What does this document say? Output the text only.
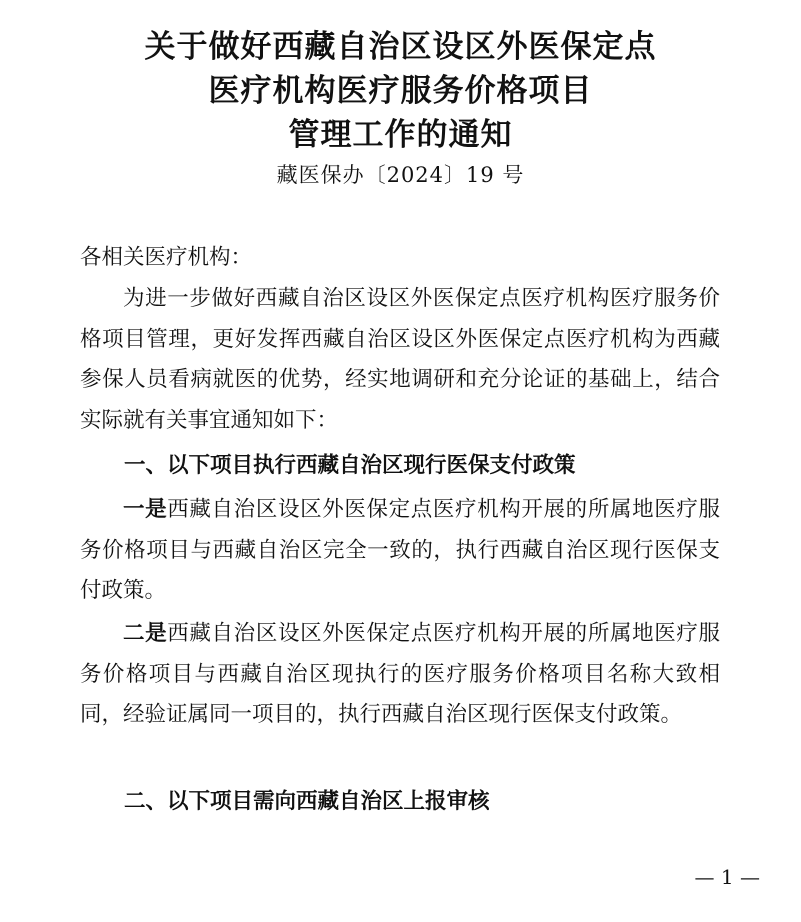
关于做好西藏自治区设区外医保定点
医疗机构医疗服务价格项目
管理工作的通知
藏医保办〔2024〕19 号
各相关医疗机构：
为进一步做好西藏自治区设区外医保定点医疗机构医疗服务价格项目管理，更好发挥西藏自治区设区外医保定点医疗机构为西藏参保人员看病就医的优势，经实地调研和充分论证的基础上，结合实际就有关事宜通知如下：
一、以下项目执行西藏自治区现行医保支付政策
一是西藏自治区设区外医保定点医疗机构开展的所属地医疗服务价格项目与西藏自治区完全一致的，执行西藏自治区现行医保支付政策。
二是西藏自治区设区外医保定点医疗机构开展的所属地医疗服务价格项目与西藏自治区现执行的医疗服务价格项目名称大致相同，经验证属同一项目的，执行西藏自治区现行医保支付政策。
二、以下项目需向西藏自治区上报审核
— 1 —
